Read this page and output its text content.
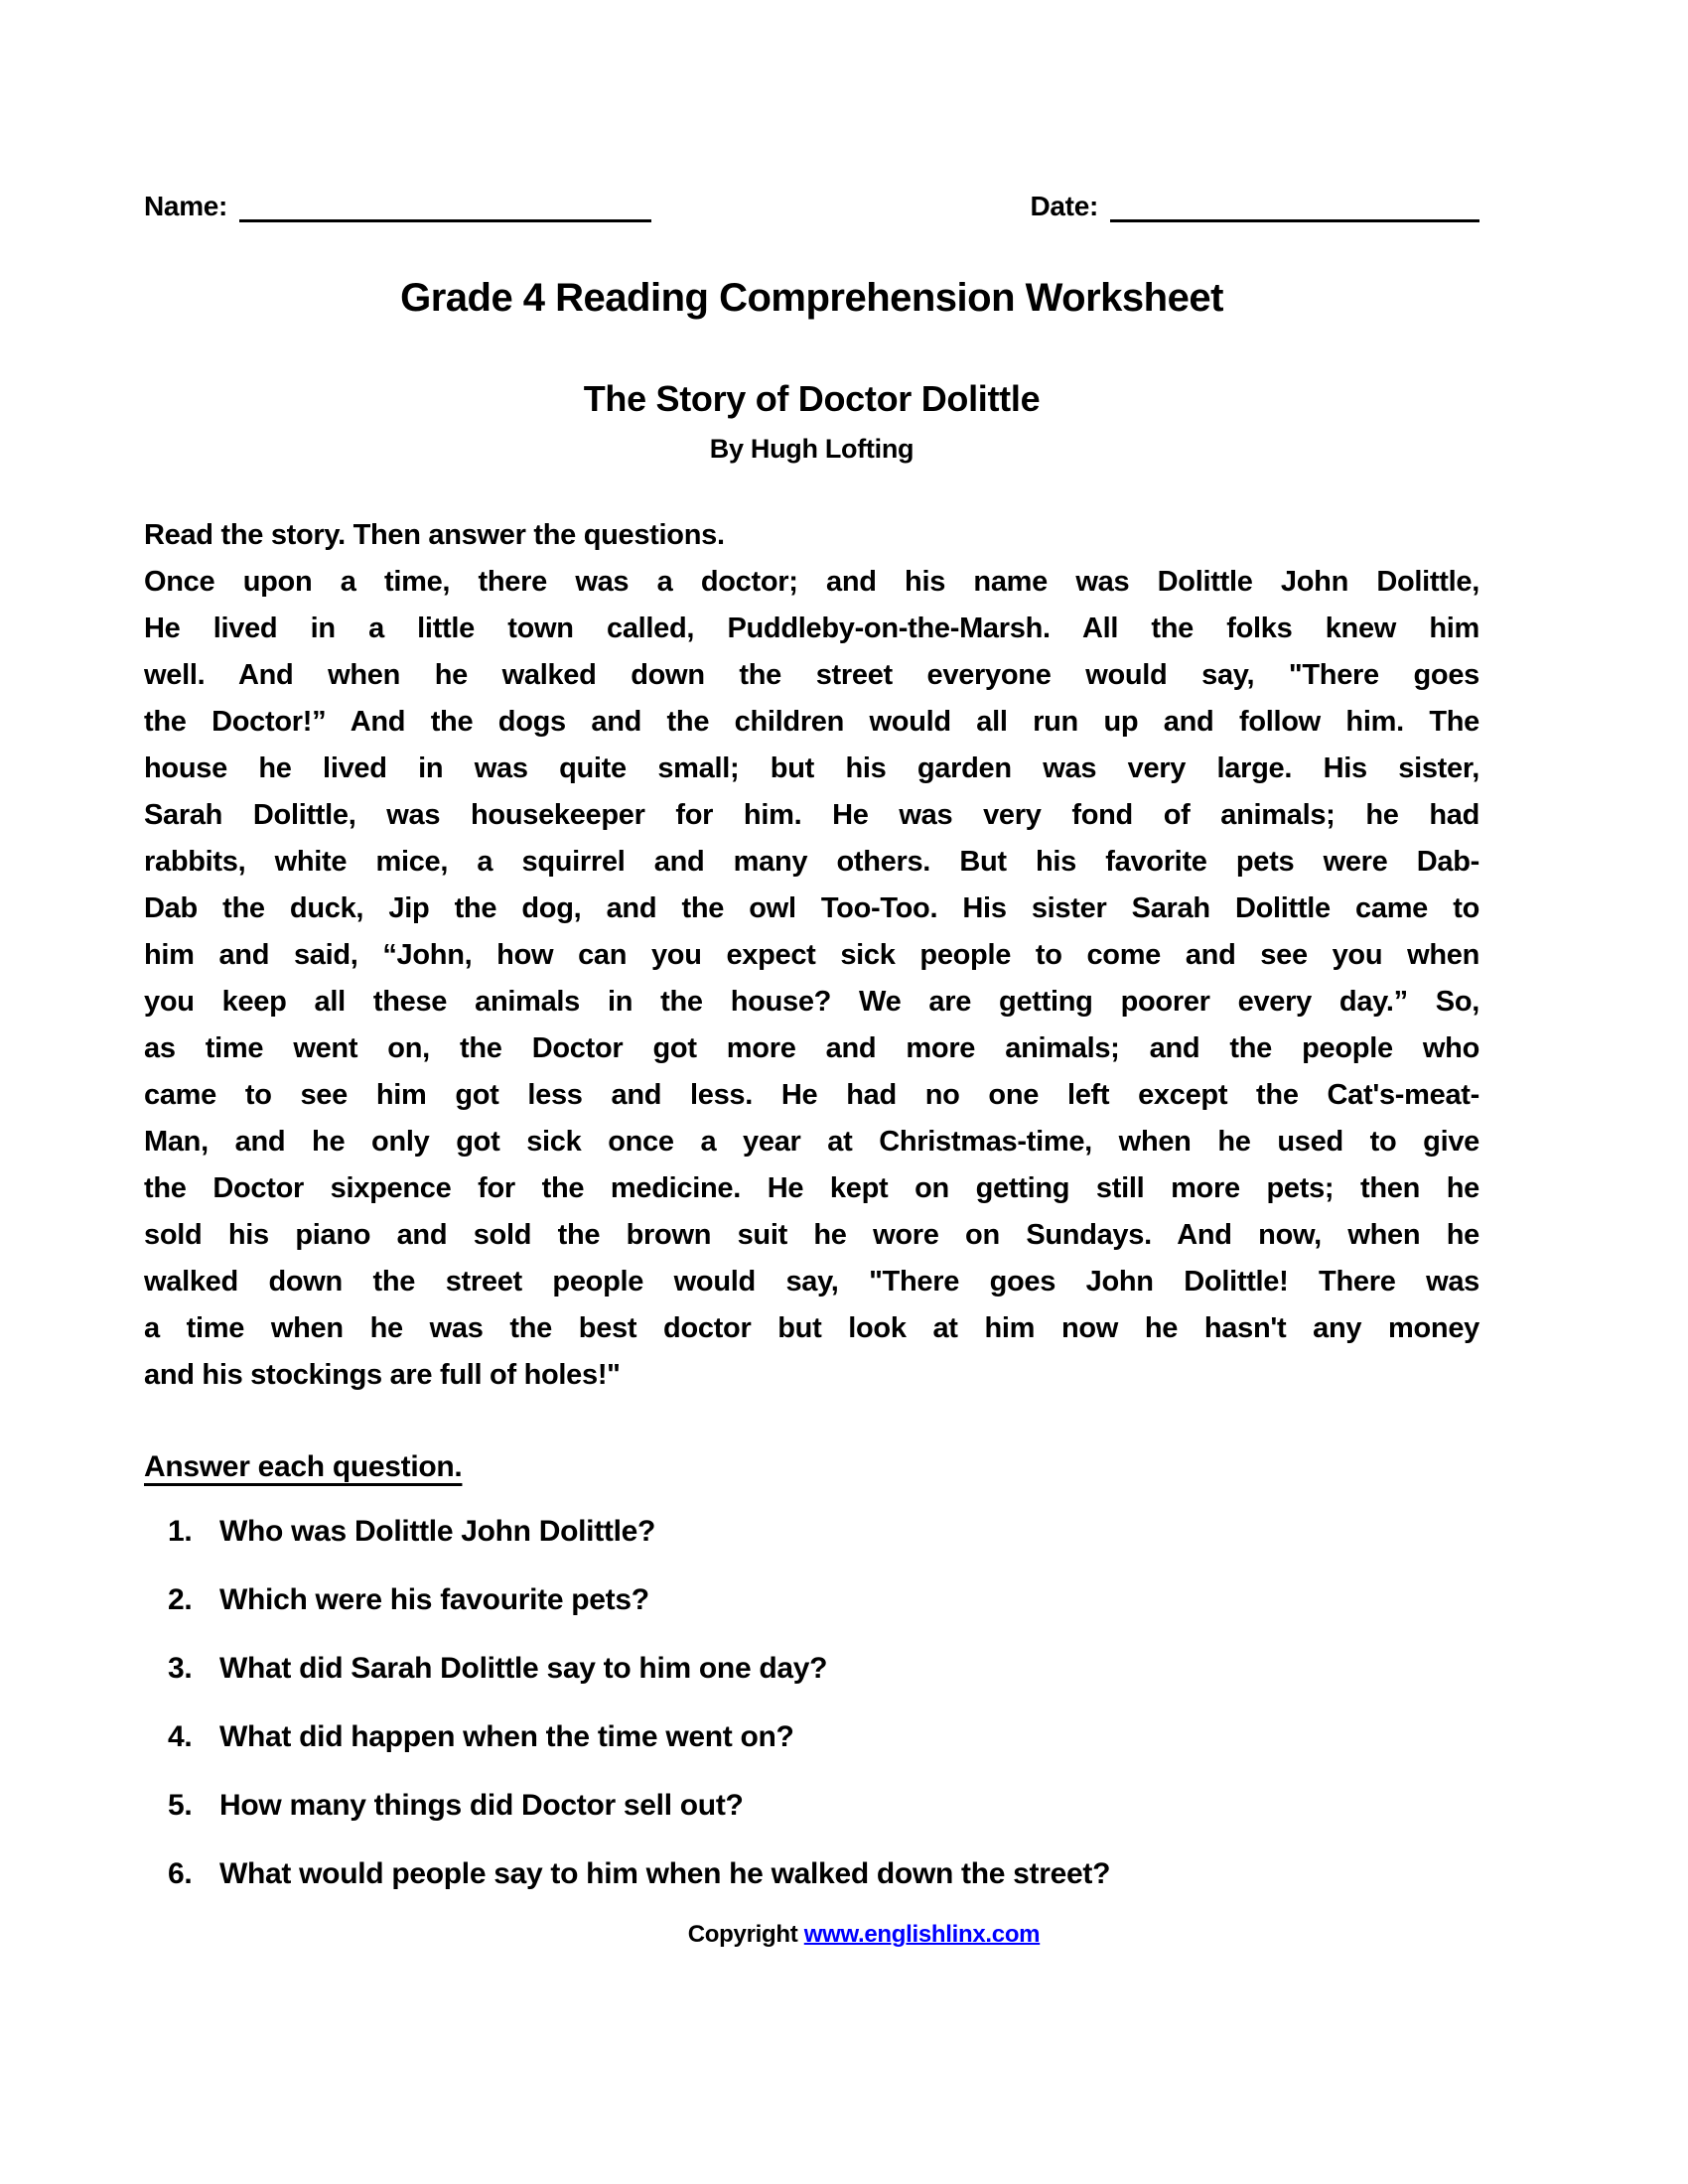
Name:	Date:
Grade 4 Reading Comprehension Worksheet
The Story of Doctor Dolittle
By Hugh Lofting
Read the story. Then answer the questions.
Once upon a time, there was a doctor; and his name was Dolittle John Dolittle,
He lived in a little town called, Puddleby-on-the-Marsh. All the folks knew him
well. And when he walked down the street everyone would say, "There goes
the Doctor!” And the dogs and the children would all run up and follow him. The
house he lived in was quite small; but his garden was very large. His sister,
Sarah Dolittle, was housekeeper for him. He was very fond of animals; he had
rabbits, white mice, a squirrel and many others. But his favorite pets were Dab-
Dab the duck, Jip the dog, and the owl Too-Too. His sister Sarah Dolittle came to
him and said, “John, how can you expect sick people to come and see you when
you keep all these animals in the house? We are getting poorer every day.” So,
as time went on, the Doctor got more and more animals; and the people who
came to see him got less and less. He had no one left except the Cat's-meat-
Man, and he only got sick once a year at Christmas-time, when he used to give
the Doctor sixpence for the medicine. He kept on getting still more pets; then he
sold his piano and sold the brown suit he wore on Sundays. And now, when he
walked down the street people would say, "There goes John Dolittle! There was
a time when he was the best doctor but look at him now he hasn't any money
and his stockings are full of holes!"
Answer each question.
1. Who was Dolittle John Dolittle?
2. Which were his favourite pets?
3. What did Sarah Dolittle say to him one day?
4. What did happen when the time went on?
5. How many things did Doctor sell out?
6. What would people say to him when he walked down the street?
Copyright www.englishlinx.com
